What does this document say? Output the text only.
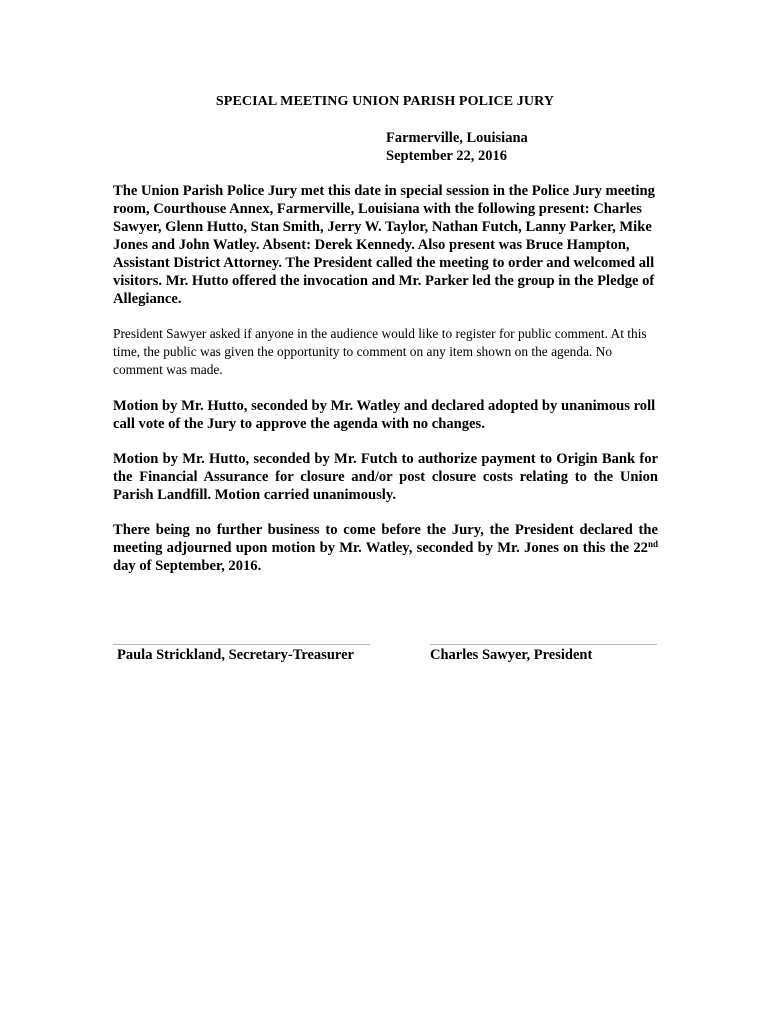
SPECIAL MEETING UNION PARISH POLICE JURY
Farmerville, Louisiana
September 22, 2016

The Union Parish Police Jury met this date in special session in the Police Jury meeting room, Courthouse Annex, Farmerville, Louisiana with the following present: Charles Sawyer, Glenn Hutto, Stan Smith, Jerry W. Taylor, Nathan Futch, Lanny Parker, Mike Jones and John Watley. Absent: Derek Kennedy. Also present was Bruce Hampton, Assistant District Attorney. The President called the meeting to order and welcomed all visitors. Mr. Hutto offered the invocation and Mr. Parker led the group in the Pledge of Allegiance.

President Sawyer asked if anyone in the audience would like to register for public comment. At this time, the public was given the opportunity to comment on any item shown on the agenda. No comment was made.

Motion by Mr. Hutto, seconded by Mr. Watley and declared adopted by unanimous roll call vote of the Jury to approve the agenda with no changes.

Motion by Mr. Hutto, seconded by Mr. Futch to authorize payment to Origin Bank for the Financial Assurance for closure and/or post closure costs relating to the Union Parish Landfill. Motion carried unanimously.

There being no further business to come before the Jury, the President declared the meeting adjourned upon motion by Mr. Watley, seconded by Mr. Jones on this the 22nd day of September, 2016.

Paula Strickland, Secretary-Treasurer	Charles Sawyer, President
